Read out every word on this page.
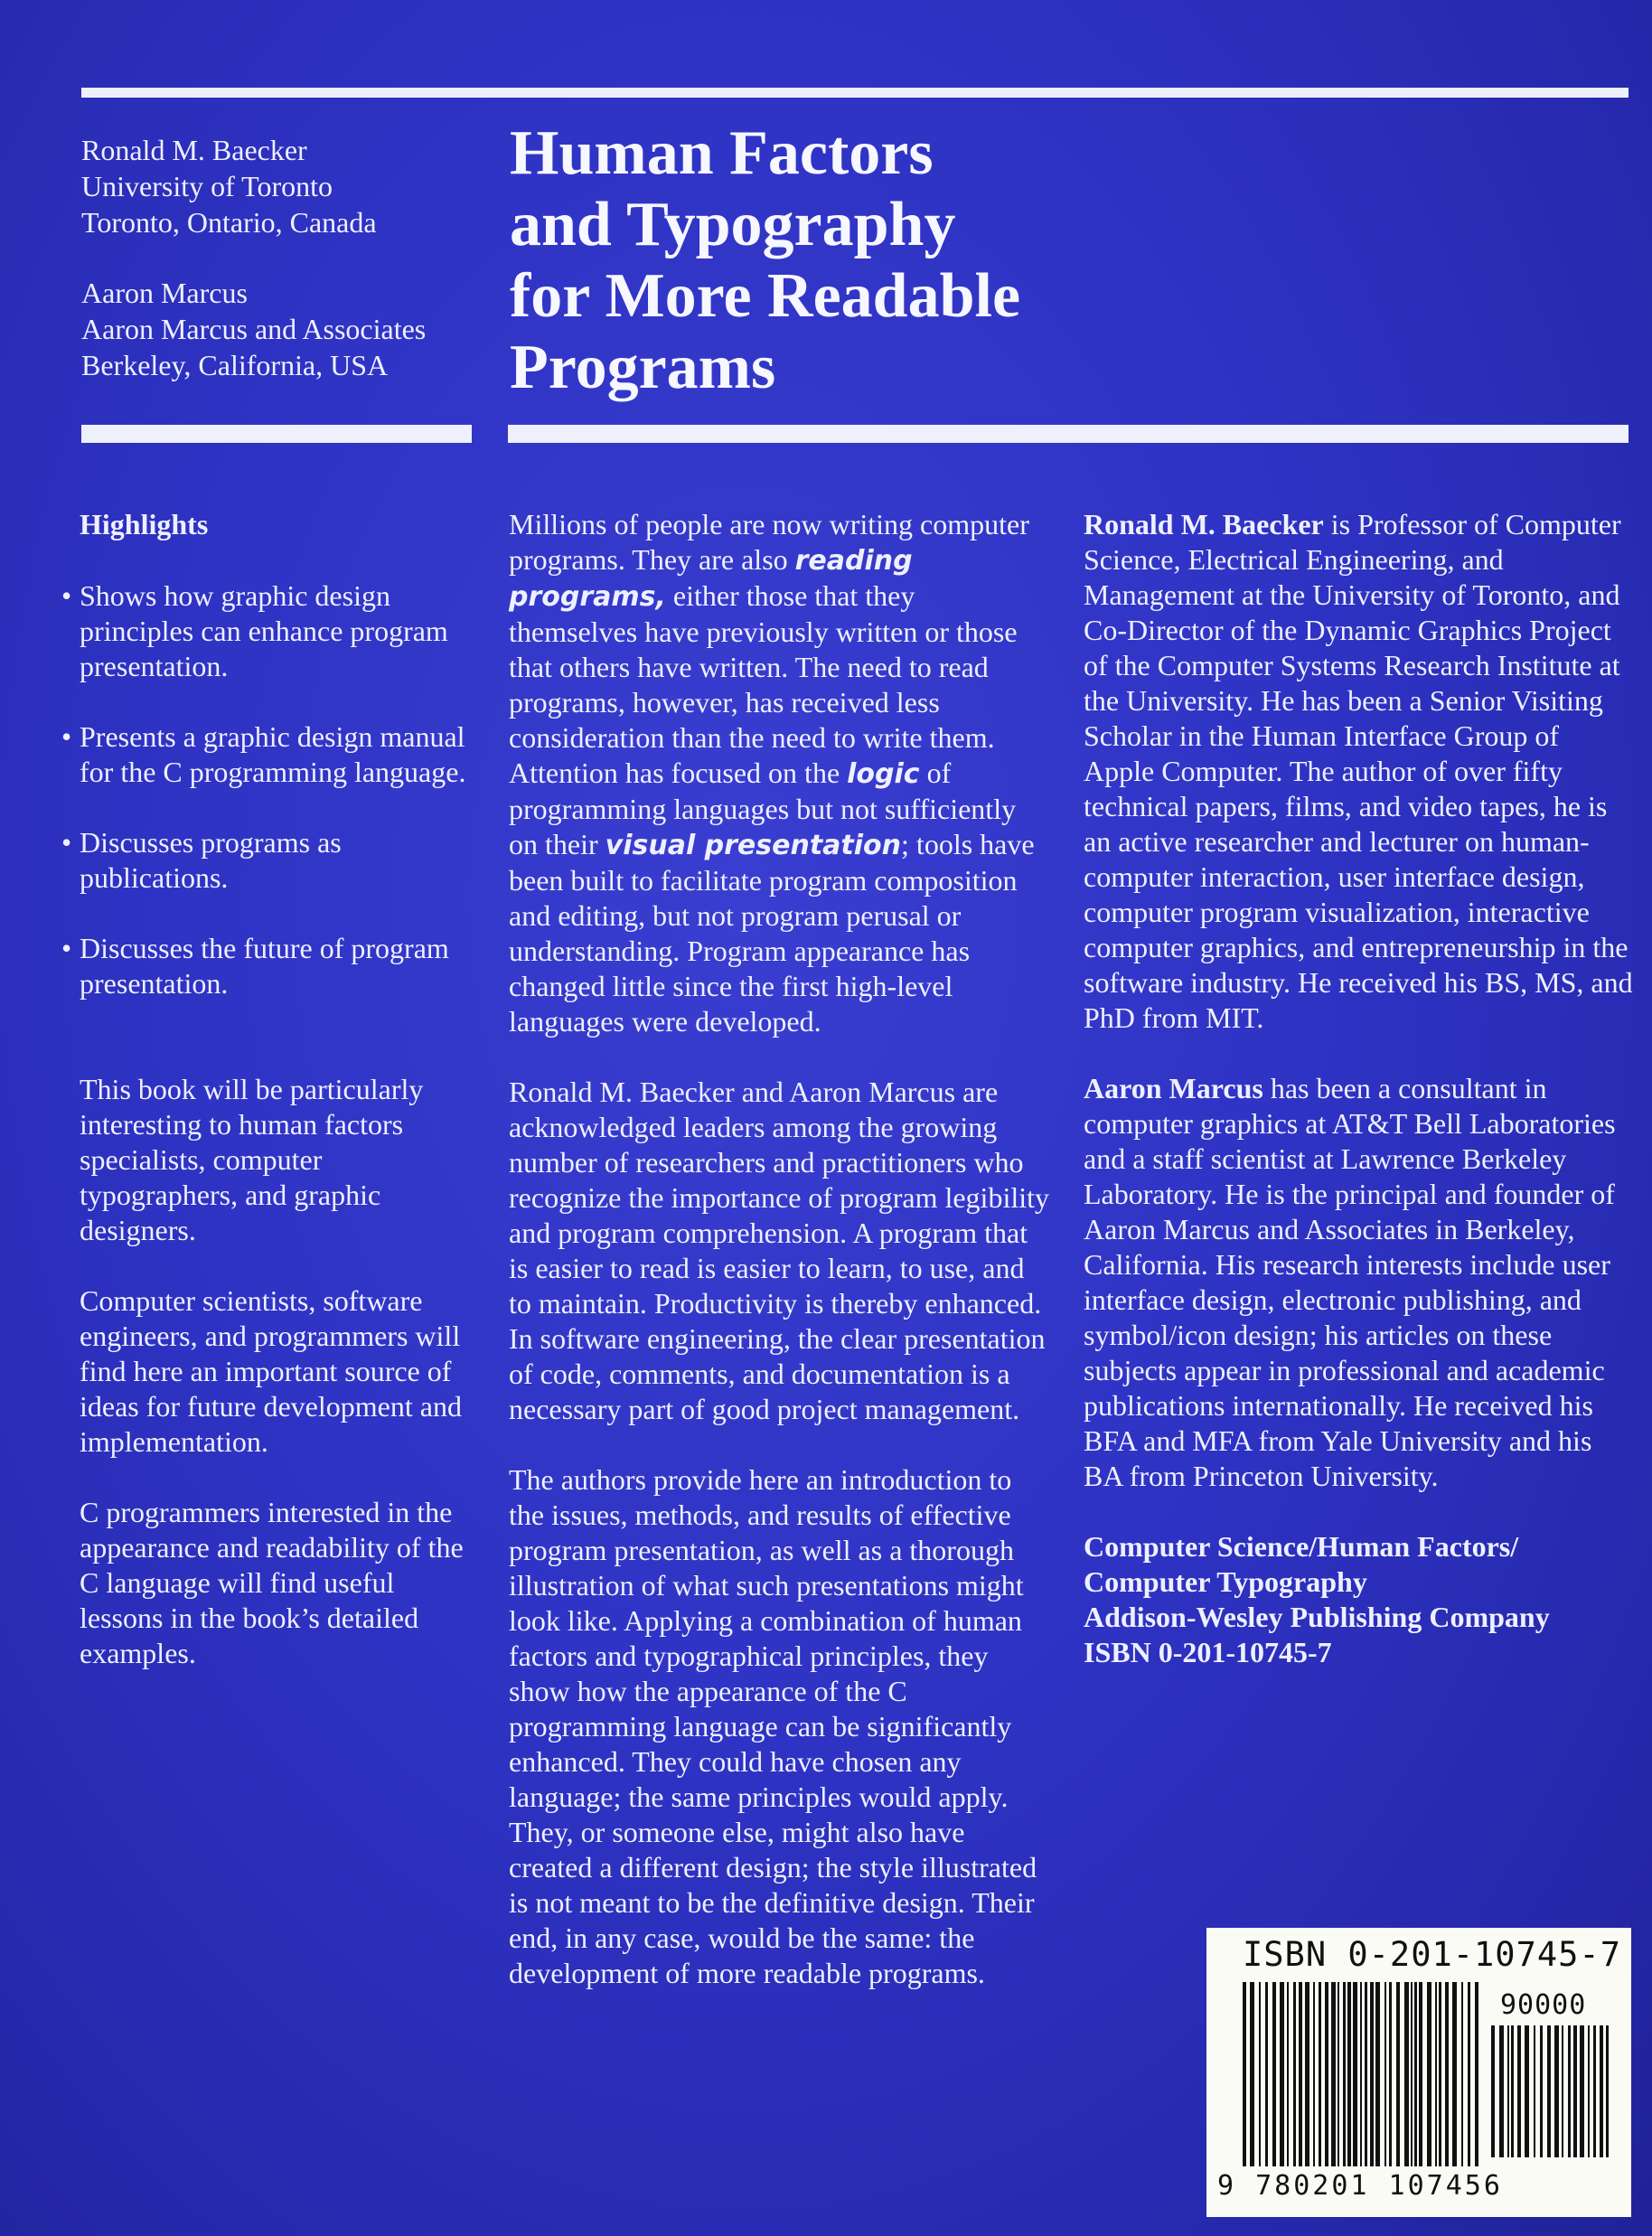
Ronald M. Baecker
University of Toronto
Toronto, Ontario, Canada
Aaron Marcus
Aaron Marcus and Associates
Berkeley, California, USA
Human Factors
and Typography
for More Readable
Programs

Highlights

• Shows how graphic design principles can enhance program presentation.

• Presents a graphic design manual for the C programming language.

• Discusses programs as publications.

• Discusses the future of program presentation.

This book will be particularly interesting to human factors specialists, computer typographers, and graphic designers.

Computer scientists, software engineers, and programmers will find here an important source of ideas for future development and implementation.

C programmers interested in the appearance and readability of the C language will find useful lessons in the book’s detailed examples.

Millions of people are now writing computer programs. They are also reading programs, either those that they themselves have previously written or those that others have written. The need to read programs, however, has received less consideration than the need to write them. Attention has focused on the logic of programming languages but not sufficiently on their visual presentation; tools have been built to facilitate program composition and editing, but not program perusal or understanding. Program appearance has changed little since the first high-level languages were developed.

Ronald M. Baecker and Aaron Marcus are acknowledged leaders among the growing number of researchers and practitioners who recognize the importance of program legibility and program comprehension. A program that is easier to read is easier to learn, to use, and to maintain. Productivity is thereby enhanced. In software engineering, the clear presentation of code, comments, and documentation is a necessary part of good project management.

The authors provide here an introduction to the issues, methods, and results of effective program presentation, as well as a thorough illustration of what such presentations might look like. Applying a combination of human factors and typographical principles, they show how the appearance of the C programming language can be significantly enhanced. They could have chosen any language; the same principles would apply. They, or someone else, might also have created a different design; the style illustrated is not meant to be the definitive design. Their end, in any case, would be the same: the development of more readable programs.

Ronald M. Baecker is Professor of Computer Science, Electrical Engineering, and Management at the University of Toronto, and Co-Director of the Dynamic Graphics Project of the Computer Systems Research Institute at the University. He has been a Senior Visiting Scholar in the Human Interface Group of Apple Computer. The author of over fifty technical papers, films, and video tapes, he is an active researcher and lecturer on human-computer interaction, user interface design, computer program visualization, interactive computer graphics, and entrepreneurship in the software industry. He received his BS, MS, and PhD from MIT.

Aaron Marcus has been a consultant in computer graphics at AT&T Bell Laboratories and a staff scientist at Lawrence Berkeley Laboratory. He is the principal and founder of Aaron Marcus and Associates in Berkeley, California. His research interests include user interface design, electronic publishing, and symbol/icon design; his articles on these subjects appear in professional and academic publications internationally. He received his BFA and MFA from Yale University and his BA from Princeton University.

Computer Science/Human Factors/
Computer Typography
Addison-Wesley Publishing Company
ISBN 0-201-10745-7

ISBN 0-201-10745-7
90000
9 780201 107456
